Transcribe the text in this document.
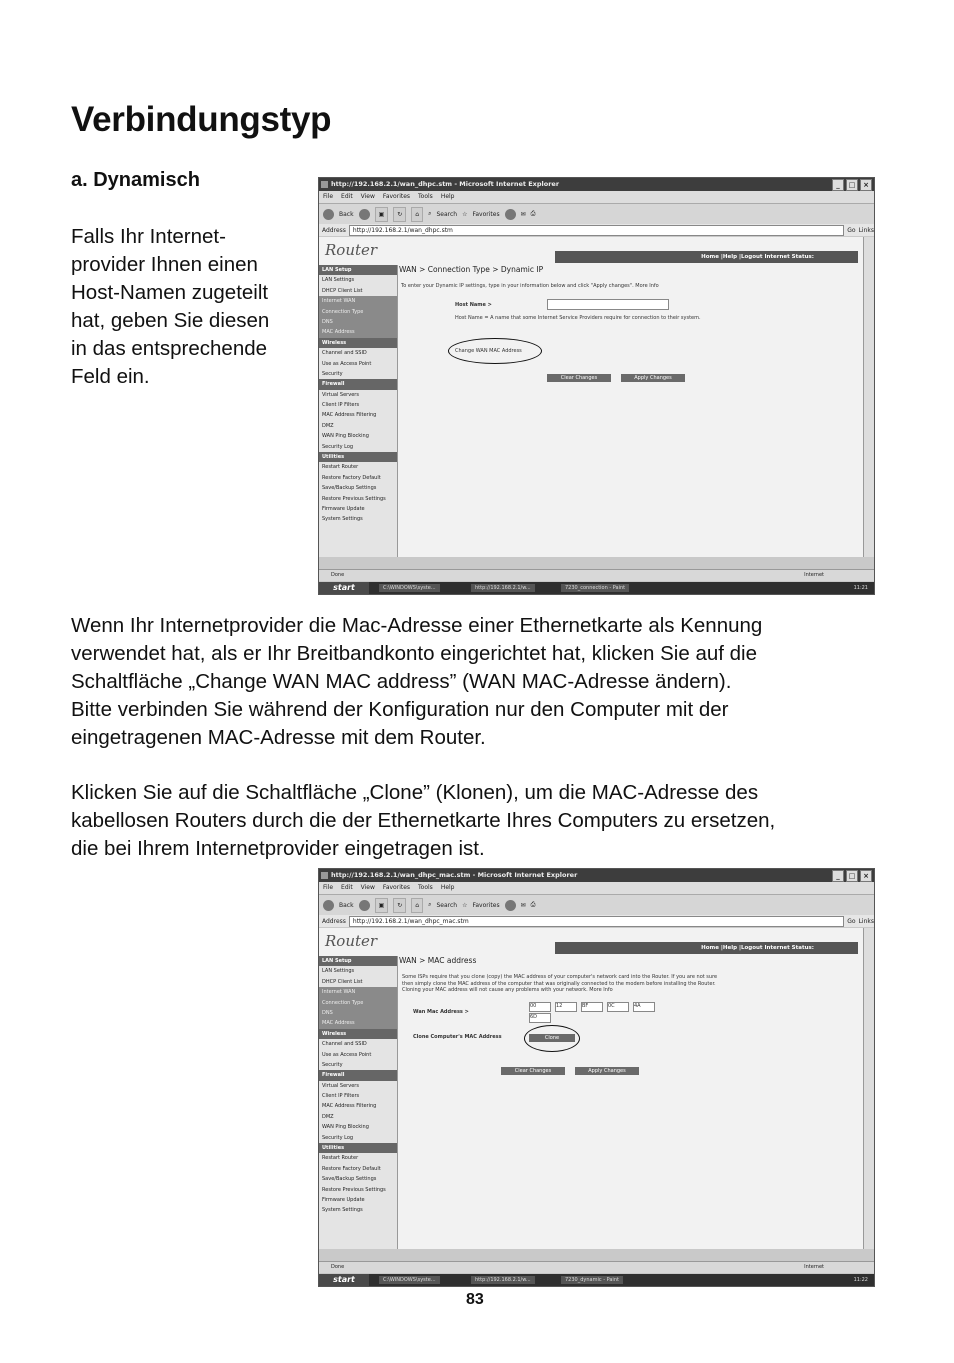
Verbindungstyp
a. Dynamisch
Falls Ihr Internet-
provider Ihnen einen
Host-Namen zugeteilt
hat, geben Sie diesen
in das entsprechende
Feld ein.
Wenn Ihr Internetprovider die Mac-Adresse einer Ethernetkarte als Kennung
verwendet hat, als er Ihr Breitbandkonto eingerichtet hat, klicken Sie auf die
Schaltfläche „Change WAN MAC address” (WAN MAC-Adresse ändern).
Bitte verbinden Sie während der Konfiguration nur den Computer mit der
eingetragenen MAC-Adresse mit dem Router.
Klicken Sie auf die Schaltfläche „Clone” (Klonen), um die MAC-Adresse des
kabellosen Routers durch die der Ethernetkarte Ihres Computers zu ersetzen,
die bei Ihrem Internetprovider eingetragen ist.
83
http://192.168.2.1/wan_dhpc.stm - Microsoft Internet Explorer	_	□	×
File Edit View Favorites Tools Help
Back	▣	↻	⌂	⌕ Search ☆ Favorites	✉ ⎙
Address	http://192.168.2.1/wan_dhpc.stm	Go Links
Router	Home |Help |Logout Internet Status:
LAN Setup
LAN Settings
DHCP Client List
Internet WAN
Connection Type
DNS
MAC Address
Wireless
Channel and SSID
Use as Access Point
Security
Firewall
Virtual Servers
Client IP Filters
MAC Address Filtering
DMZ
WAN Ping Blocking
Security Log
Utilities
Restart Router
Restore Factory Default
Save/Backup Settings
Restore Previous Settings
Firmware Update
System Settings
WAN > Connection Type > Dynamic IP
To enter your Dynamic IP settings, type in your information below and click "Apply changes". More Info
Host Name >
Host Name = A name that some Internet Service Providers require for connection to their system.
Change WAN MAC Address
Clear Changes	Apply Changes
Done	Internet
start	C:\WINDOWS\syste...	http://192.168.2.1/w...	7230_connection - Paint	11:21
http://192.168.2.1/wan_dhpc_mac.stm - Microsoft Internet Explorer	_	□	×
File Edit View Favorites Tools Help
Back	▣	↻	⌂	⌕ Search ☆ Favorites	✉ ⎙
Address	http://192.168.2.1/wan_dhpc_mac.stm	Go Links
Router	Home |Help |Logout Internet Status:
LAN Setup
LAN Settings
DHCP Client List
Internet WAN
Connection Type
DNS
MAC Address
Wireless
Channel and SSID
Use as Access Point
Security
Firewall
Virtual Servers
Client IP Filters
MAC Address Filtering
DMZ
WAN Ping Blocking
Security Log
Utilities
Restart Router
Restore Factory Default
Save/Backup Settings
Restore Previous Settings
Firmware Update
System Settings
WAN > MAC address
Some ISPs require that you clone (copy) the MAC address of your computer's network card into the Router. If you are not sure then simply clone the MAC address of the computer that was originally connected to the modem before installing the Router. Cloning your MAC address will not cause any problems with your network. More Info
Wan Mac Address >
00	12	BF	0C	4A
6D
Clone Computer's MAC Address	Clone
Clear Changes	Apply Changes
Done	Internet
start	C:\WINDOWS\syste...	http://192.168.2.1/w...	7230_dynamic - Paint	11:22
